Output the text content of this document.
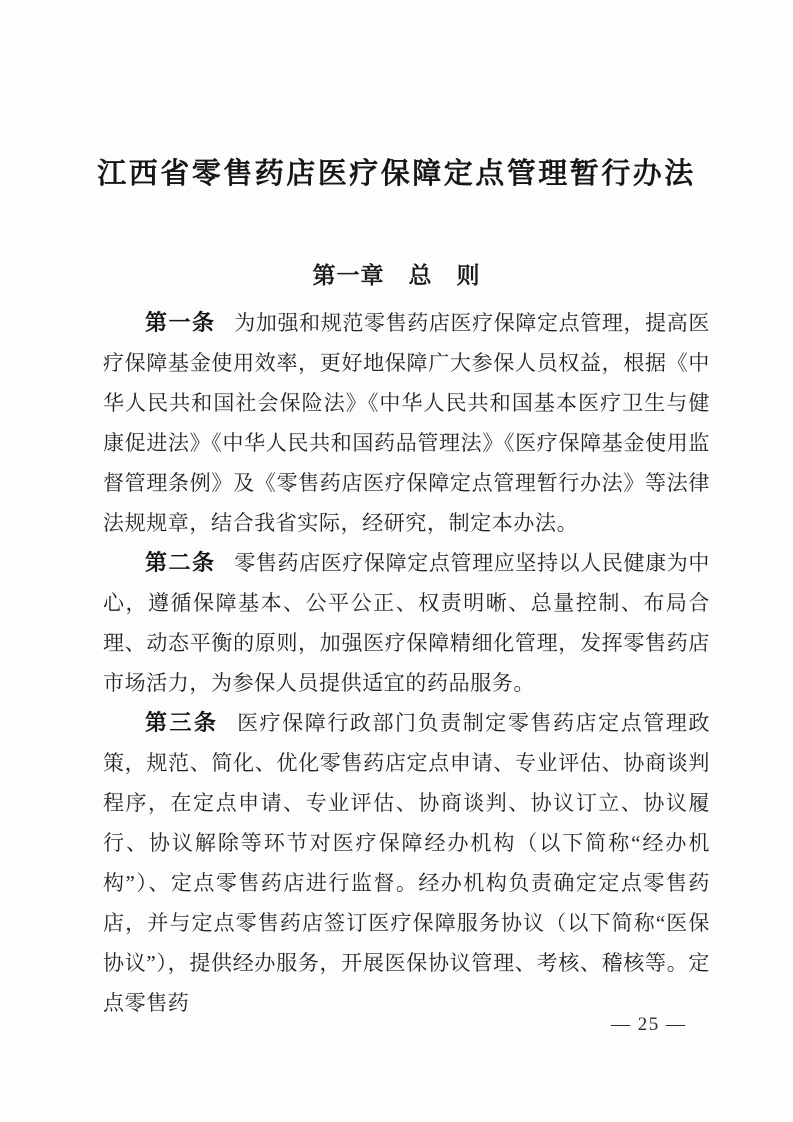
江西省零售药店医疗保障定点管理暂行办法
第一章　总　则

第一条 为加强和规范零售药店医疗保障定点管理，提高医疗保障基金使用效率，更好地保障广大参保人员权益，根据《中华人民共和国社会保险法》《中华人民共和国基本医疗卫生与健康促进法》《中华人民共和国药品管理法》《医疗保障基金使用监督管理条例》及《零售药店医疗保障定点管理暂行办法》等法律法规规章，结合我省实际，经研究，制定本办法。

第二条 零售药店医疗保障定点管理应坚持以人民健康为中心，遵循保障基本、公平公正、权责明晰、总量控制、布局合理、动态平衡的原则，加强医疗保障精细化管理，发挥零售药店市场活力，为参保人员提供适宜的药品服务。

第三条 医疗保障行政部门负责制定零售药店定点管理政策，规范、简化、优化零售药店定点申请、专业评估、协商谈判程序，在定点申请、专业评估、协商谈判、协议订立、协议履行、协议解除等环节对医疗保障经办机构（以下简称“经办机构”）、定点零售药店进行监督。经办机构负责确定定点零售药店，并与定点零售药店签订医疗保障服务协议（以下简称“医保协议”），提供经办服务，开展医保协议管理、考核、稽核等。定点零售药

— 25 —
